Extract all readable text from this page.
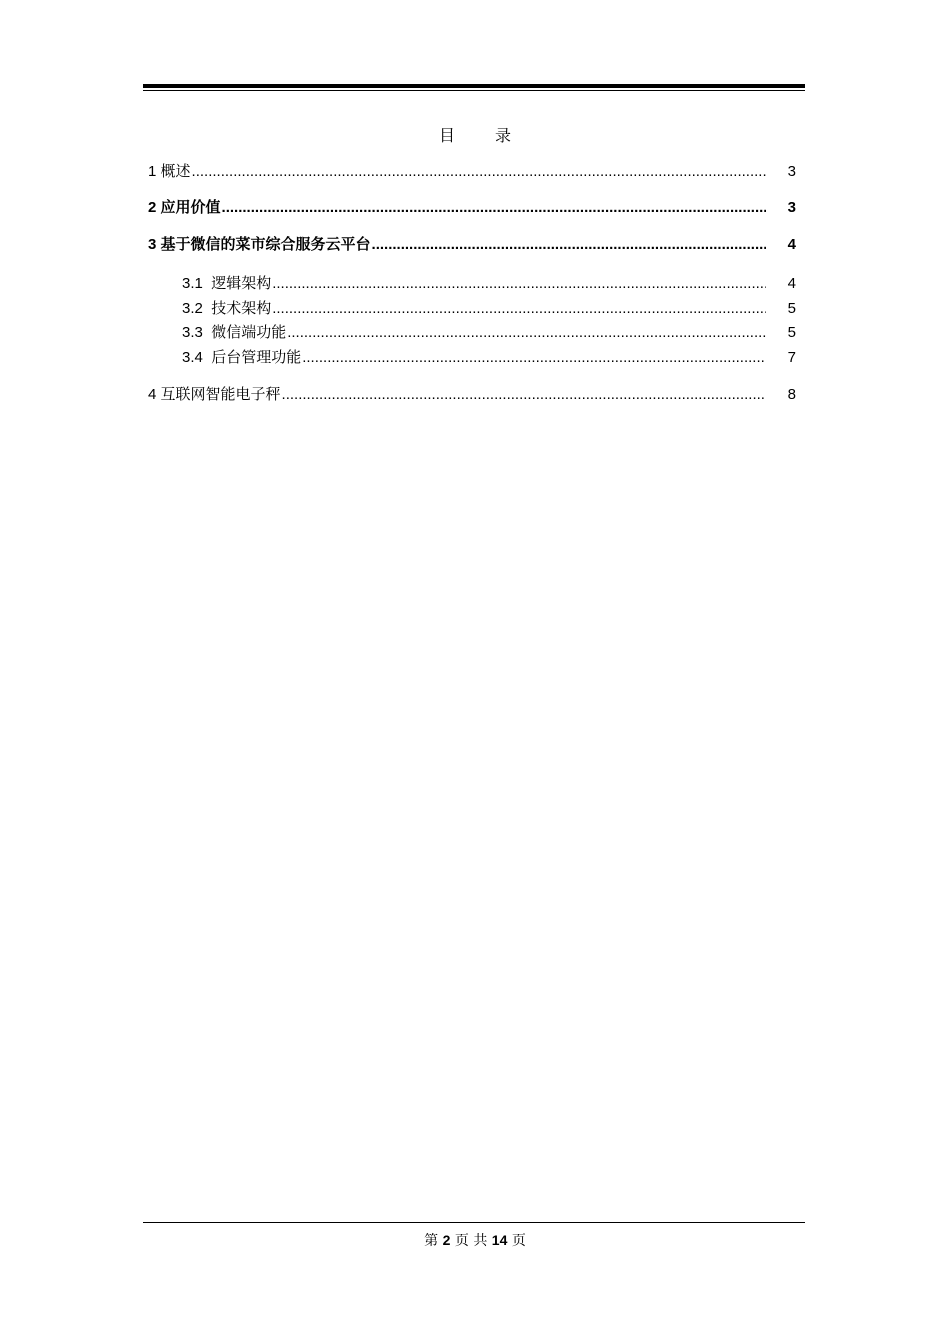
目	录
1 概述 .....	3
2 应用价值 .....	3
3 基于微信的菜市综合服务云平台 .....	4
3.1 逻辑架构 .....	4
3.2 技术架构 .....	5
3.3 微信端功能 .....	5
3.4 后台管理功能 .....	7
4 互联网智能电子秤 .....	8
第 2 页 共 14 页
